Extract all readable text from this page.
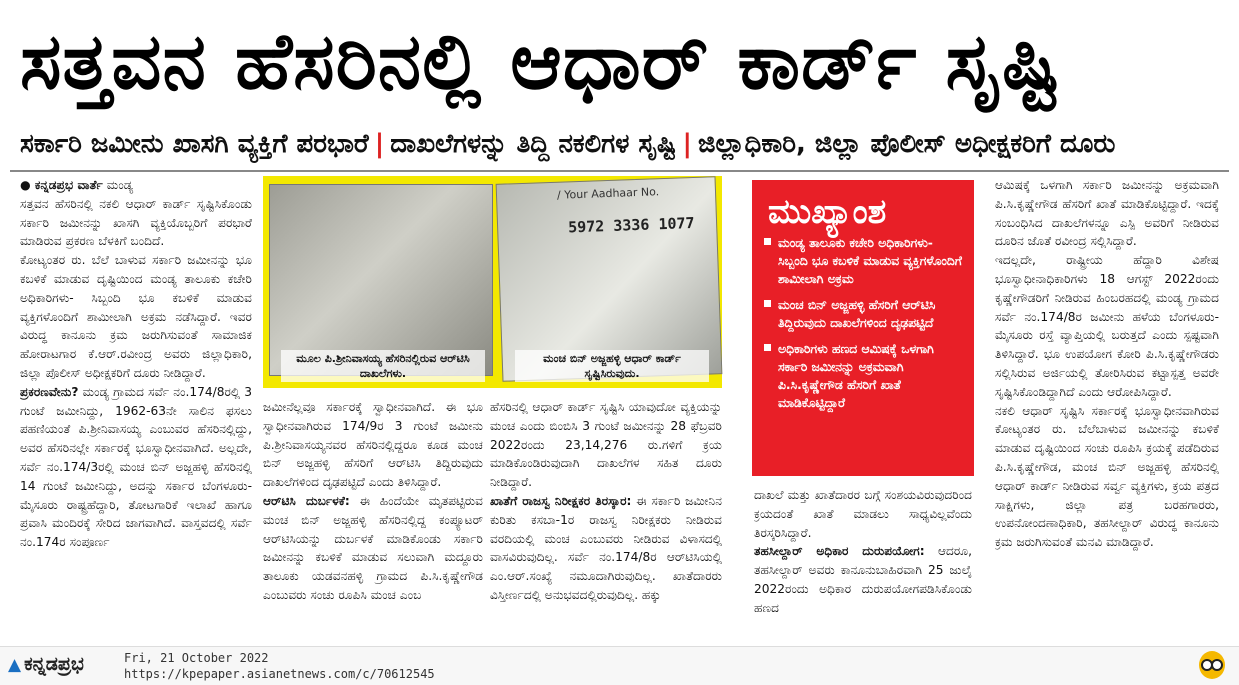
ಸತ್ತವನ ಹೆಸರಿನಲ್ಲಿ ಆಧಾರ್ ಕಾರ್ಡ್ ಸೃಷ್ಟಿ
ಸರ್ಕಾರಿ ಜಮೀನು ಖಾಸಗಿ ವ್ಯಕ್ತಿಗೆ ಪರಭಾರೆ | ದಾಖಲೆಗಳನ್ನು ತಿದ್ದಿ ನಕಲಿಗಳ ಸೃಷ್ಟಿ | ಜಿಲ್ಲಾಧಿಕಾರಿ, ಜಿಲ್ಲಾ ಪೊಲೀಸ್ ಅಧೀಕ್ಷಕರಿಗೆ ದೂರು

● ಕನ್ನಡಪ್ರಭ ವಾರ್ತೆ ಮಂಡ್ಯ

ಸತ್ತವನ ಹೆಸರಿನಲ್ಲಿ ನಕಲಿ ಆಧಾರ್ ಕಾರ್ಡ್ ಸೃಷ್ಟಿಸಿಕೊಂಡು ಸರ್ಕಾರಿ ಜಮೀನನ್ನು ಖಾಸಗಿ ವ್ಯಕ್ತಿಯೊಬ್ಬರಿಗೆ ಪರಭಾರೆ ಮಾಡಿರುವ ಪ್ರಕರಣ ಬೆಳಕಿಗೆ ಬಂದಿದೆ.

ಕೋಟ್ಯಂತರ ರು. ಬೆಲೆ ಬಾಳುವ ಸರ್ಕಾರಿ ಜಮೀನನ್ನು ಭೂ ಕಬಳಿಕೆ ಮಾಡುವ ದೃಷ್ಟಿಯಿಂದ ಮಂಡ್ಯ ತಾಲೂಕು ಕಚೇರಿ ಅಧಿಕಾರಿಗಳು- ಸಿಬ್ಬಂದಿ ಭೂ ಕಬಳಿಕೆ ಮಾಡುವ ವ್ಯಕ್ತಿಗಳೊಂದಿಗೆ ಶಾಮೀಲಾಗಿ ಅಕ್ರಮ ನಡೆಸಿದ್ದಾರೆ. ಇವರ ವಿರುದ್ಧ ಕಾನೂನು ಕ್ರಮ ಜರುಗಿಸುವಂತೆ ಸಾಮಾಜಿಕ ಹೋರಾಟಗಾರ ಕೆ.ಆರ್.ರವೀಂದ್ರ ಅವರು ಜಿಲ್ಲಾಧಿಕಾರಿ, ಜಿಲ್ಲಾ ಪೊಲೀಸ್ ಅಧೀಕ್ಷಕರಿಗೆ ದೂರು ನೀಡಿದ್ದಾರೆ.

ಪ್ರಕರಣವೇನು? ಮಂಡ್ಯ ಗ್ರಾಮದ ಸರ್ವೆ ನಂ.174/8ರಲ್ಲಿ 3 ಗುಂಟೆ ಜಮೀನಿದ್ದು, 1962-63ನೇ ಸಾಲಿನ ಫಸಲು ಪಹಣಿಯಂತೆ ಪಿ.ಶ್ರೀನಿವಾಸಯ್ಯ ಎಂಬುವರ ಹೆಸರಿನಲ್ಲಿದ್ದು, ಅವರ ಹೆಸರಿನಲ್ಲೇ ಸರ್ಕಾರಕ್ಕೆ ಭೂಸ್ವಾಧೀನವಾಗಿದೆ. ಅಲ್ಲದೇ, ಸರ್ವೆ ನಂ.174/3ರಲ್ಲಿ ಮಂಚ ಬಿನ್ ಅಜ್ಜಹಳ್ಳಿ ಹೆಸರಿನಲ್ಲಿ 14 ಗುಂಟೆ ಜಮೀನಿದ್ದು, ಅದನ್ನು ಸರ್ಕಾರ ಬೆಂಗಳೂರು-ಮೈಸೂರು ರಾಷ್ಟ್ರಹೆದ್ದಾರಿ, ತೋಟಗಾರಿಕೆ ಇಲಾಖೆ ಹಾಗೂ ಪ್ರವಾಸಿ ಮಂದಿರಕ್ಕೆ ಸೇರಿದ ಜಾಗವಾಗಿದೆ. ವಾಸ್ತವದಲ್ಲಿ ಸರ್ವೆ ನಂ.174ರ ಸಂಪೂರ್ಣ

/ Your Aadhaar No.
5972 3336 1077
ಮೂಲ ಪಿ.ಶ್ರೀನಿವಾಸಯ್ಯ ಹೆಸರಿನಲ್ಲಿರುವ ಆರ್‌ಟಿಸಿ ದಾಖಲೆಗಳು.
ಮಂಚ ಬಿನ್ ಅಜ್ಜಹಳ್ಳಿ ಆಧಾರ್ ಕಾರ್ಡ್ ಸೃಷ್ಟಿಸಿರುವುದು.
ಮುಖ್ಯಾಂಶ
ಮಂಡ್ಯ ತಾಲೂಕು ಕಚೇರಿ ಅಧಿಕಾರಿಗಳು- ಸಿಬ್ಬಂದಿ ಭೂ ಕಬಳಿಕೆ ಮಾಡುವ ವ್ಯಕ್ತಿಗಳೊಂದಿಗೆ ಶಾಮೀಲಾಗಿ ಅಕ್ರಮ
ಮಂಚ ಬಿನ್ ಅಜ್ಜಹಳ್ಳಿ ಹೆಸರಿಗೆ ಆರ್‌ಟಿಸಿ ತಿದ್ದಿರುವುದು ದಾಖಲೆಗಳಿಂದ ದೃಢಪಟ್ಟಿದೆ
ಅಧಿಕಾರಿಗಳು ಹಣದ ಆಮಿಷಕ್ಕೆ ಒಳಗಾಗಿ ಸರ್ಕಾರಿ ಜಮೀನನ್ನು ಅಕ್ರಮವಾಗಿ ಪಿ.ಸಿ.ಕೃಷ್ಣೇಗೌಡ ಹೆಸರಿಗೆ ಖಾತೆ ಮಾಡಿಕೊಟ್ಟಿದ್ದಾರೆ

ಜಮೀನೆಲ್ಲವೂ ಸರ್ಕಾರಕ್ಕೆ ಸ್ವಾಧೀನವಾಗಿದೆ. ಈ ಭೂ ಸ್ವಾಧೀನವಾಗಿರುವ 174/9ರ 3 ಗುಂಟೆ ಜಮೀನು ಪಿ.ಶ್ರೀನಿವಾಸಯ್ಯನವರ ಹೆಸರಿನಲ್ಲಿದ್ದರೂ ಕೂಡ ಮಂಚ ಬಿನ್ ಅಜ್ಜಹಳ್ಳಿ ಹೆಸರಿಗೆ ಆರ್‌ಟಿಸಿ ತಿದ್ದಿರುವುದು ದಾಖಲೆಗಳಿಂದ ದೃಢಪಟ್ಟಿದೆ ಎಂದು ತಿಳಿಸಿದ್ದಾರೆ.

ಆರ್‌ಟಿಸಿ ದುರ್ಬಳಕೆ: ಈ ಹಿಂದೆಯೇ ಮೃತಪಟ್ಟಿರುವ ಮಂಚ ಬಿನ್ ಅಜ್ಜಹಳ್ಳಿ ಹೆಸರಿನಲ್ಲಿದ್ದ ಕಂಪ್ಯೂಟರ್ ಆರ್‌ಟಿಸಿಯನ್ನು ದುರ್ಬಳಕೆ ಮಾಡಿಕೊಂಡು ಸರ್ಕಾರಿ ಜಮೀನನ್ನು ಕಬಳಿಕೆ ಮಾಡುವ ಸಲುವಾಗಿ ಮದ್ದೂರು ತಾಲೂಕು ಯಡವನಹಳ್ಳಿ ಗ್ರಾಮದ ಪಿ.ಸಿ.ಕೃಷ್ಣೇಗೌಡ ಎಂಬುವರು ಸಂಚು ರೂಪಿಸಿ ಮಂಚ ಎಂಬ

ಹೆಸರಿನಲ್ಲಿ ಆಧಾರ್ ಕಾರ್ಡ್ ಸೃಷ್ಟಿಸಿ ಯಾವುದೋ ವ್ಯಕ್ತಿಯನ್ನು ಮಂಚ ಎಂದು ಬಿಂಬಿಸಿ 3 ಗುಂಟೆ ಜಮೀನನ್ನು 28 ಫೆಬ್ರವರಿ 2022ರಂದು 23,14,276 ರು.ಗಳಿಗೆ ಕ್ರಯ ಮಾಡಿಕೊಂಡಿರುವುದಾಗಿ ದಾಖಲೆಗಳ ಸಹಿತ ದೂರು ನೀಡಿದ್ದಾರೆ.

ಖಾತೆಗೆ ರಾಜಸ್ವ ನಿರೀಕ್ಷಕರ ತಿರಸ್ಕಾರ: ಈ ಸರ್ಕಾರಿ ಜಮೀನಿನ ಕುರಿತು ಕಸಬಾ-1ರ ರಾಜಸ್ವ ನಿರೀಕ್ಷಕರು ನೀಡಿರುವ ವರದಿಯಲ್ಲಿ ಮಂಚ ಎಂಬುವರು ನೀಡಿರುವ ವಿಳಾಸದಲ್ಲಿ ವಾಸವಿರುವುದಿಲ್ಲ. ಸರ್ವೆ ನಂ.174/8ರ ಆರ್‌ಟಿಸಿಯಲ್ಲಿ ಎಂ.ಆರ್.ಸಂಖ್ಯೆ ನಮೂದಾಗಿರುವುದಿಲ್ಲ. ಖಾತೆದಾರರು ವಿಸ್ತೀರ್ಣದಲ್ಲಿ ಅನುಭವದಲ್ಲಿರುವುದಿಲ್ಲ. ಹಕ್ಕು

ದಾಖಲೆ ಮತ್ತು ಖಾತೆದಾರರ ಬಗ್ಗೆ ಸಂಶಯವಿರುವುದರಿಂದ ಕ್ರಯದಂತೆ ಖಾತೆ ಮಾಡಲು ಸಾಧ್ಯವಿಲ್ಲವೆಂದು ತಿರಸ್ಕರಿಸಿದ್ದಾರೆ.

ತಹಸೀಲ್ದಾರ್ ಅಧಿಕಾರ ದುರುಪಯೋಗ: ಆದರೂ, ತಹಸೀಲ್ದಾರ್ ಅವರು ಕಾನೂನುಬಾಹಿರವಾಗಿ 25 ಜುಲೈ 2022ರಂದು ಅಧಿಕಾರ ದುರುಪಯೋಗಪಡಿಸಿಕೊಂಡು ಹಣದ

ಆಮಿಷಕ್ಕೆ ಒಳಗಾಗಿ ಸರ್ಕಾರಿ ಜಮೀನನ್ನು ಅಕ್ರಮವಾಗಿ ಪಿ.ಸಿ.ಕೃಷ್ಣೇಗೌಡ ಹೆಸರಿಗೆ ಖಾತೆ ಮಾಡಿಕೊಟ್ಟಿದ್ದಾರೆ. ಇದಕ್ಕೆ ಸಂಬಂಧಿಸಿದ ದಾಖಲೆಗಳನ್ನೂ ಎಸ್ಪಿ ಅವರಿಗೆ ನೀಡಿರುವ ದೂರಿನ ಜೊತೆ ರವೀಂದ್ರ ಸಲ್ಲಿಸಿದ್ದಾರೆ.

ಇದಲ್ಲದೇ, ರಾಷ್ಟ್ರೀಯ ಹೆದ್ದಾರಿ ವಿಶೇಷ ಭೂಸ್ವಾಧೀನಾಧಿಕಾರಿಗಳು 18 ಆಗಸ್ಟ್ 2022ರಂದು ಕೃಷ್ಣೇಗೌಡರಿಗೆ ನೀಡಿರುವ ಹಿಂಬರಹದಲ್ಲಿ ಮಂಡ್ಯ ಗ್ರಾಮದ ಸರ್ವೆ ನಂ.174/8ರ ಜಮೀನು ಹಳೆಯ ಬೆಂಗಳೂರು-ಮೈಸೂರು ರಸ್ತೆ ವ್ಯಾಪ್ತಿಯಲ್ಲಿ ಬರುತ್ತದೆ ಎಂದು ಸ್ಪಷ್ಟವಾಗಿ ತಿಳಿಸಿದ್ದಾರೆ. ಭೂ ಉಪಯೋಗ ಕೋರಿ ಪಿ.ಸಿ.ಕೃಷ್ಣೇಗೌಡರು ಸಲ್ಲಿಸಿರುವ ಅರ್ಜಿಯಲ್ಲಿ ತೋರಿಸಿರುವ ಕಟ್ಟಾಸ್ಪತ್ತ ಅವರೇ ಸೃಷ್ಟಿಸಿಕೊಂಡಿದ್ದಾಗಿದೆ ಎಂದು ಆರೋಪಿಸಿದ್ದಾರೆ.

ನಕಲಿ ಆಧಾರ್ ಸೃಷ್ಟಿಸಿ ಸರ್ಕಾರಕ್ಕೆ ಭೂಸ್ವಾಧೀನವಾಗಿರುವ ಕೋಟ್ಯಂತರ ರು. ಬೆಲೆಬಾಳುವ ಜಮೀನನ್ನು ಕಬಳಿಕೆ ಮಾಡುವ ದೃಷ್ಟಿಯಿಂದ ಸಂಚು ರೂಪಿಸಿ ಕ್ರಯಕ್ಕೆ ಪಡೆದಿರುವ ಪಿ.ಸಿ.ಕೃಷ್ಣೇಗೌಡ, ಮಂಚ ಬಿನ್ ಅಜ್ಜಹಳ್ಳಿ ಹೆಸರಿನಲ್ಲಿ ಆಧಾರ್ ಕಾರ್ಡ್ ನೀಡಿರುವ ಸರ್ವ್ವ ವ್ಯಕ್ತಿಗಳು, ಕ್ರಯ ಪತ್ರದ ಸಾಕ್ಷಿಗಳು, ಜಿಲ್ಲಾ ಪತ್ರ ಬರಹಗಾರರು, ಉಪನೋಂದಣಾಧಿಕಾರಿ, ತಹಸೀಲ್ದಾರ್ ವಿರುದ್ಧ ಕಾನೂನು ಕ್ರಮ ಜರುಗಿಸುವಂತೆ ಮನವಿ ಮಾಡಿದ್ದಾರೆ.

▲ ಕನ್ನಡಪ್ರಭ	Fri, 21 October 2022
https://kpepaper.asianetnews.com/c/70612545
